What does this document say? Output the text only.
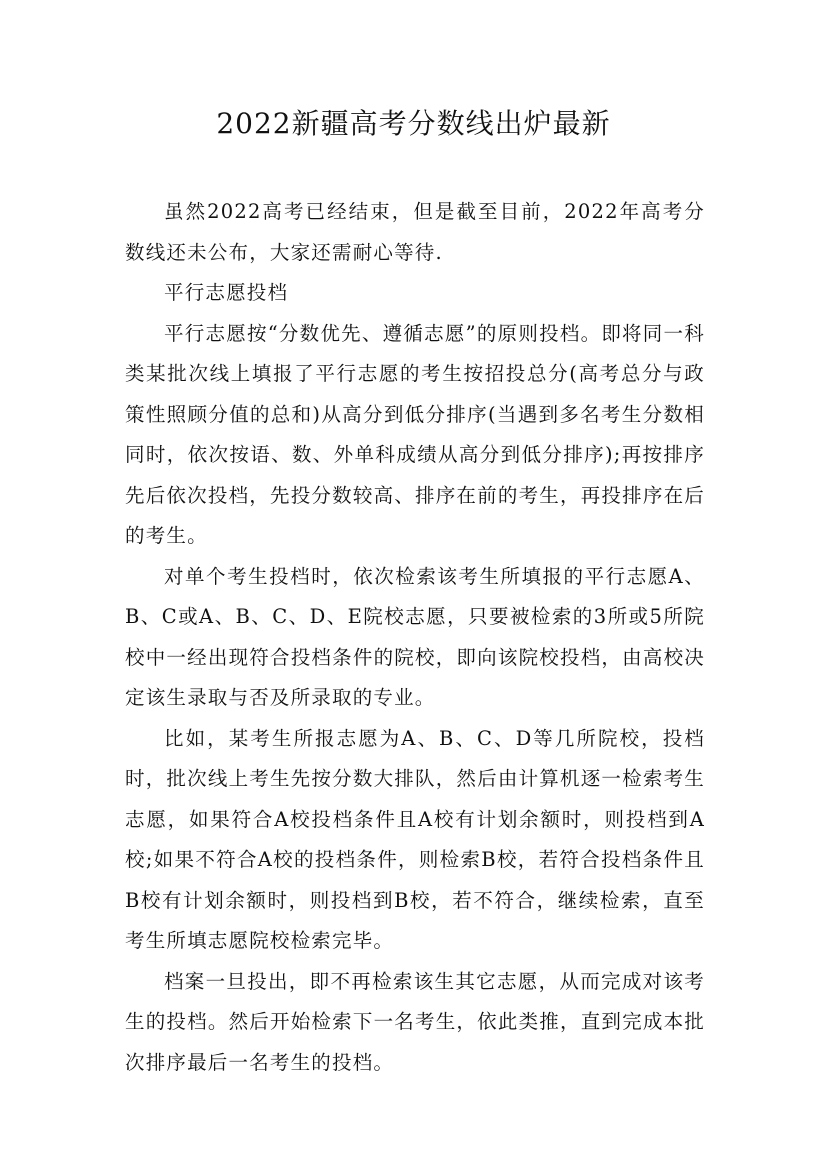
2022新疆高考分数线出炉最新

虽然2022高考已经结束，但是截至目前，2022年高考分数线还未公布，大家还需耐心等待.

平行志愿投档

平行志愿按“分数优先、遵循志愿”的原则投档。即将同一科类某批次线上填报了平行志愿的考生按招投总分(高考总分与政策性照顾分值的总和)从高分到低分排序(当遇到多名考生分数相同时，依次按语、数、外单科成绩从高分到低分排序);再按排序先后依次投档，先投分数较高、排序在前的考生，再投排序在后的考生。

对单个考生投档时，依次检索该考生所填报的平行志愿A、B、C或A、B、C、D、E院校志愿，只要被检索的3所或5所院校中一经出现符合投档条件的院校，即向该院校投档，由高校决定该生录取与否及所录取的专业。

比如，某考生所报志愿为A、B、C、D等几所院校，投档时，批次线上考生先按分数大排队，然后由计算机逐一检索考生志愿，如果符合A校投档条件且A校有计划余额时，则投档到A校;如果不符合A校的投档条件，则检索B校，若符合投档条件且B校有计划余额时，则投档到B校，若不符合，继续检索，直至考生所填志愿院校检索完毕。

档案一旦投出，即不再检索该生其它志愿，从而完成对该考生的投档。然后开始检索下一名考生，依此类推，直到完成本批次排序最后一名考生的投档。
